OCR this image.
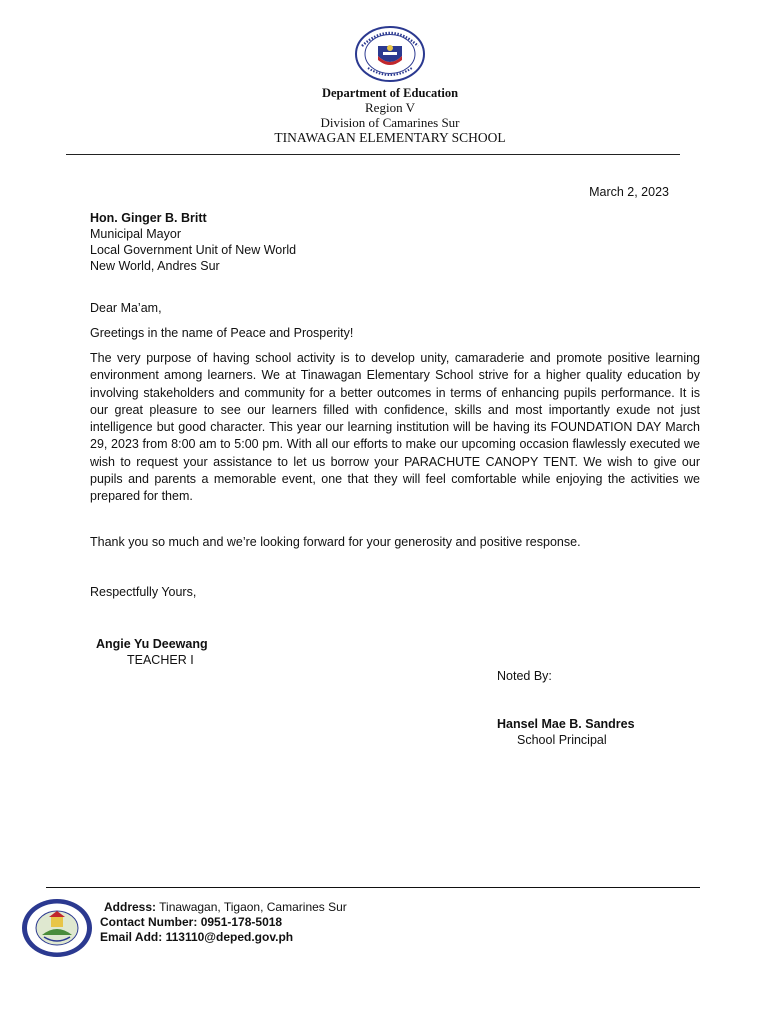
Department of Education
Region V
Division of Camarines Sur
TINAWAGAN ELEMENTARY SCHOOL
March 2, 2023
Hon. Ginger B. Britt
Municipal Mayor
Local Government Unit of New World
New World, Andres Sur
Dear Ma’am,
Greetings in the name of Peace and Prosperity!
The very purpose of having school activity is to develop unity, camaraderie and promote positive learning environment among learners. We at Tinawagan Elementary School strive for a higher quality education by involving stakeholders and community for a better outcomes in terms of enhancing pupils performance. It is our great pleasure to see our learners filled with confidence, skills and most importantly exude not just intelligence but good character. This year our learning institution will be having its FOUNDATION DAY March 29, 2023 from 8:00 am to 5:00 pm. With all our efforts to make our upcoming occasion flawlessly executed we wish to request your assistance to let us borrow your PARACHUTE CANOPY TENT. We wish to give our pupils and parents a memorable event, one that they will feel comfortable while enjoying the activities we prepared for them.
Thank you so much and we’re looking forward for your generosity and positive response.
Respectfully Yours,
Angie Yu Deewang
TEACHER I
Noted By:
Hansel Mae B. Sandres
School Principal
Address: Tinawagan, Tigaon, Camarines Sur
Contact Number: 0951-178-5018
Email Add: 113110@deped.gov.ph
